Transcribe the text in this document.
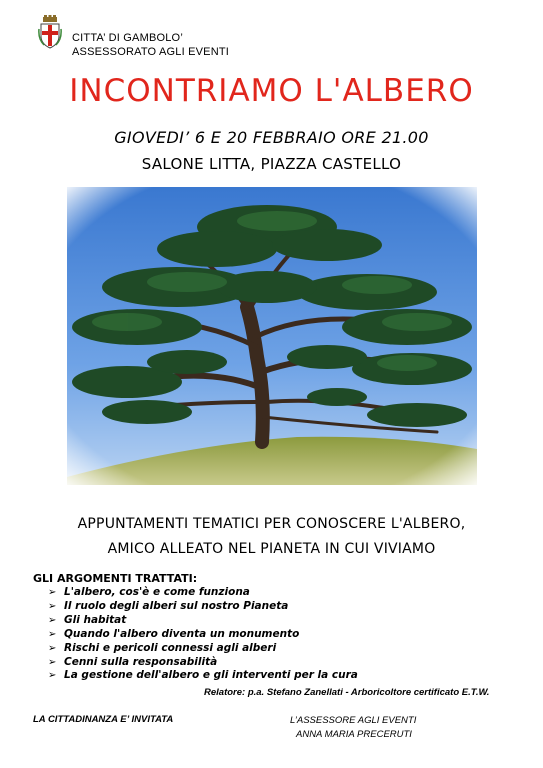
CITTA’ DI GAMBOLO’
ASSESSORATO AGLI EVENTI
INCONTRIAMO L'ALBERO
GIOVEDI’ 6 E 20 FEBBRAIO ORE 21.00
SALONE LITTA, PIAZZA CASTELLO
APPUNTAMENTI TEMATICI PER CONOSCERE L'ALBERO,
AMICO ALLEATO NEL PIANETA IN CUI VIVIAMO
GLI ARGOMENTI TRATTATI:
➢ L'albero, cos'è e come funziona
➢ Il ruolo degli alberi sul nostro Pianeta
➢ Gli habitat
➢ Quando l'albero diventa un monumento
➢ Rischi e pericoli connessi agli alberi
➢ Cenni sulla responsabilità
➢ La gestione dell'albero e gli interventi per la cura
Relatore: p.a. Stefano Zanellati - Arboricoltore certificato E.T.W.
LA CITTADINANZA E’ INVITATA	L’ASSESSORE AGLI EVENTI
ANNA MARIA PRECERUTI
